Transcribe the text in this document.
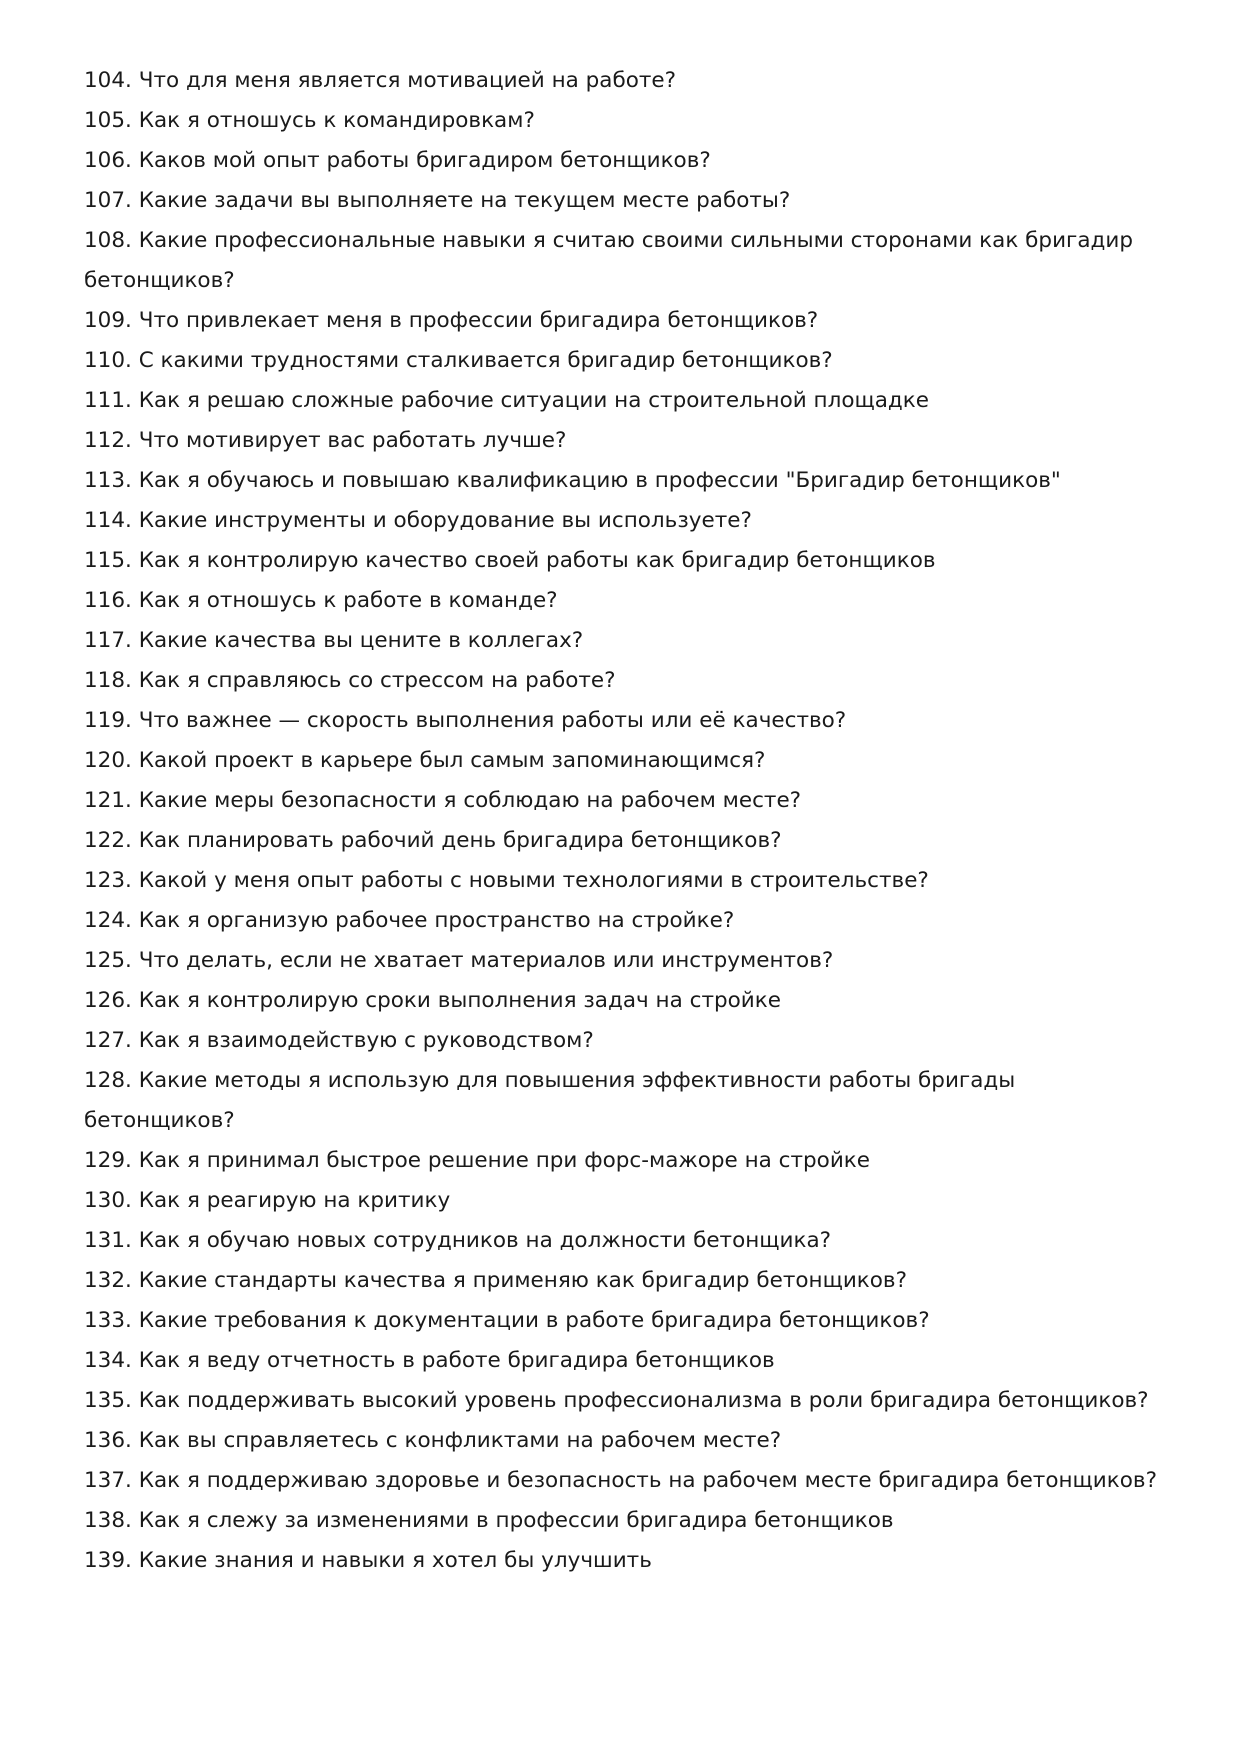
104. Что для меня является мотивацией на работе?
105. Как я отношусь к командировкам?
106. Каков мой опыт работы бригадиром бетонщиков?
107. Какие задачи вы выполняете на текущем месте работы?
108. Какие профессиональные навыки я считаю своими сильными сторонами как бригадир бетонщиков?
109. Что привлекает меня в профессии бригадира бетонщиков?
110. С какими трудностями сталкивается бригадир бетонщиков?
111. Как я решаю сложные рабочие ситуации на строительной площадке
112. Что мотивирует вас работать лучше?
113. Как я обучаюсь и повышаю квалификацию в профессии "Бригадир бетонщиков"
114. Какие инструменты и оборудование вы используете?
115. Как я контролирую качество своей работы как бригадир бетонщиков
116. Как я отношусь к работе в команде?
117. Какие качества вы цените в коллегах?
118. Как я справляюсь со стрессом на работе?
119. Что важнее — скорость выполнения работы или её качество?
120. Какой проект в карьере был самым запоминающимся?
121. Какие меры безопасности я соблюдаю на рабочем месте?
122. Как планировать рабочий день бригадира бетонщиков?
123. Какой у меня опыт работы с новыми технологиями в строительстве?
124. Как я организую рабочее пространство на стройке?
125. Что делать, если не хватает материалов или инструментов?
126. Как я контролирую сроки выполнения задач на стройке
127. Как я взаимодействую с руководством?
128. Какие методы я использую для повышения эффективности работы бригады бетонщиков?
129. Как я принимал быстрое решение при форс-мажоре на стройке
130. Как я реагирую на критику
131. Как я обучаю новых сотрудников на должности бетонщика?
132. Какие стандарты качества я применяю как бригадир бетонщиков?
133. Какие требования к документации в работе бригадира бетонщиков?
134. Как я веду отчетность в работе бригадира бетонщиков
135. Как поддерживать высокий уровень профессионализма в роли бригадира бетонщиков?
136. Как вы справляетесь с конфликтами на рабочем месте?
137. Как я поддерживаю здоровье и безопасность на рабочем месте бригадира бетонщиков?
138. Как я слежу за изменениями в профессии бригадира бетонщиков
139. Какие знания и навыки я хотел бы улучшить
